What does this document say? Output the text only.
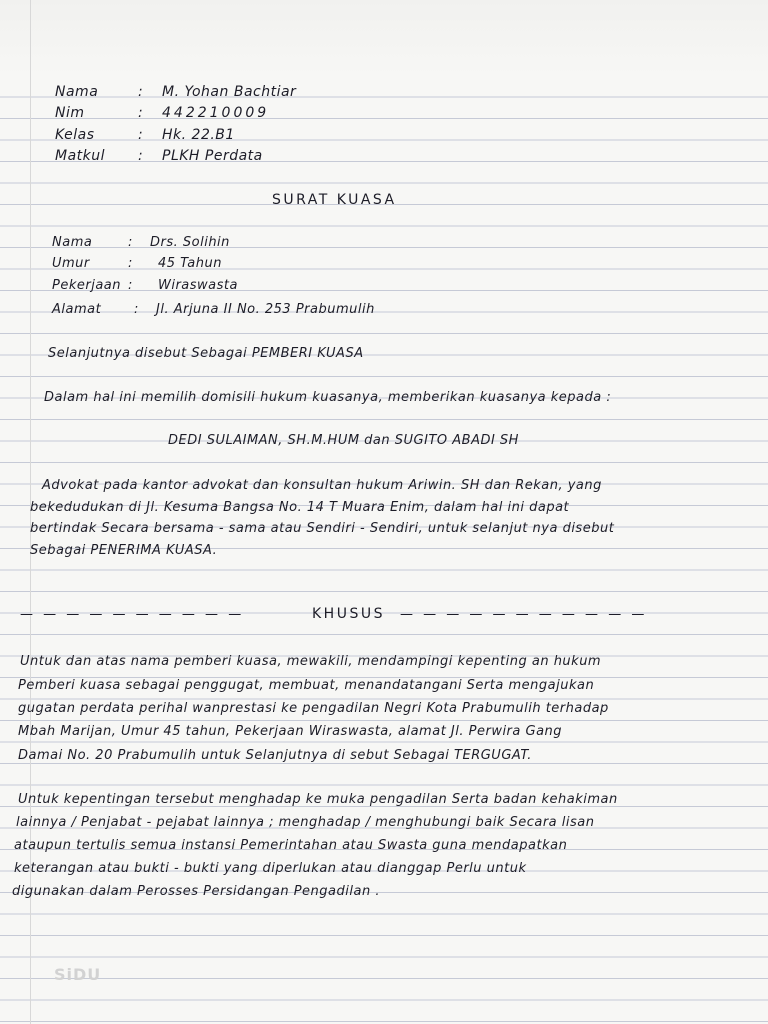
Nama	: M. Yohan Bachtiar

Nim	: 442210009

Kelas	: Hk. 22.B1

Matkul : PLKH Perdata

SURAT KUASA

Nama	: Drs. Solihin

Umur	: 45 Tahun

Pekerjaan : Wiraswasta

Alamat	: Jl. Arjuna II No. 253 Prabumulih

Selanjutnya disebut Sebagai PEMBERI KUASA

Dalam hal ini memilih domisili hukum kuasanya, memberikan kuasanya kepada :

DEDI SULAIMAN, SH.M.HUM dan SUGITO ABADI SH

Advokat pada kantor advokat dan konsultan hukum Ariwin. SH dan Rekan, yang

bekedudukan di Jl. Kesuma Bangsa No. 14 T Muara Enim, dalam hal ini dapat

bertindak Secara bersama - sama atau Sendiri - Sendiri, untuk selanjut nya disebut

Sebagai PENERIMA KUASA.

— — — — — — — — — —	KHUSUS — — — — — — — — — — —

Untuk dan atas nama pemberi kuasa, mewakili, mendampingi kepenting an hukum

Pemberi kuasa sebagai penggugat, membuat, menandatangani Serta mengajukan

gugatan perdata perihal wanprestasi ke pengadilan Negri Kota Prabumulih terhadap

Mbah Marijan, Umur 45 tahun, Pekerjaan Wiraswasta, alamat Jl. Perwira Gang

Damai No. 20 Prabumulih untuk Selanjutnya di sebut Sebagai TERGUGAT.

Untuk kepentingan tersebut menghadap ke muka pengadilan Serta badan kehakiman

lainnya / Penjabat - pejabat lainnya ; menghadap / menghubungi baik Secara lisan

ataupun tertulis semua instansi Pemerintahan atau Swasta guna mendapatkan

keterangan atau bukti - bukti yang diperlukan atau dianggap Perlu untuk

digunakan dalam Perosses Persidangan Pengadilan .

SiDU
